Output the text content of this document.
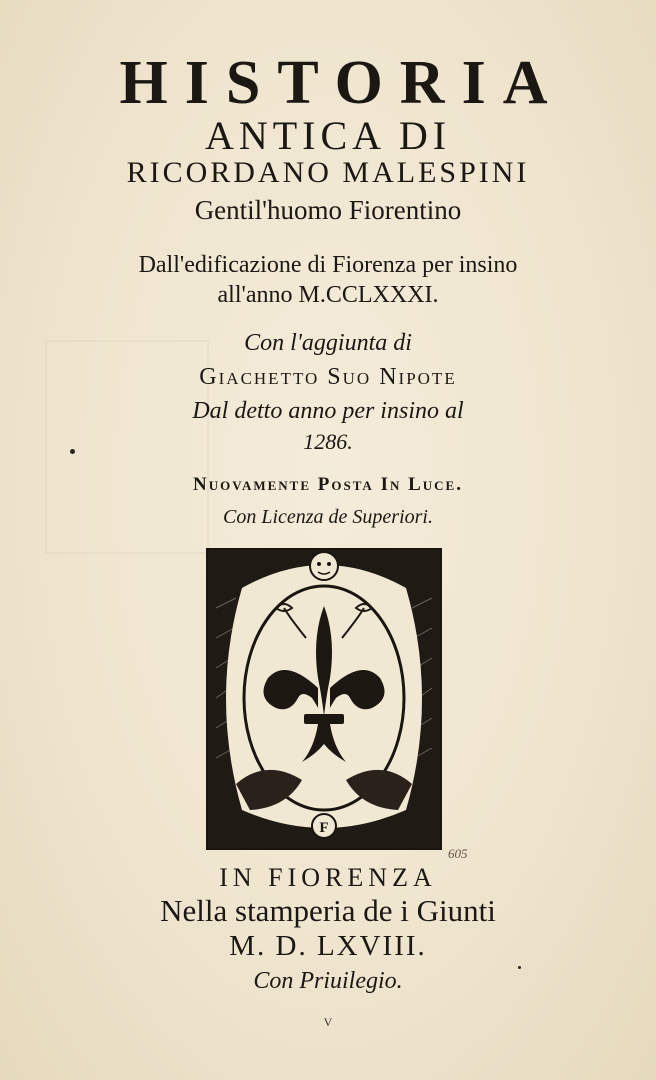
HISTORIA
ANTICA DI
RICORDANO MALESPINI
Gentil'huomo Fiorentino
Dall'edificazione di Fiorenza per insino
all'anno M.CCLXXXI.
Con l'aggiunta di
Giachetto Suo Nipote
Dal detto anno per insino al
1286.
Nuovamente Posta In Luce.
Con Licenza de Superiori.
F
605
IN FIORENZA
Nella stamperia de i Giunti
M. D. LXVIII.
Con Priuilegio.
V
